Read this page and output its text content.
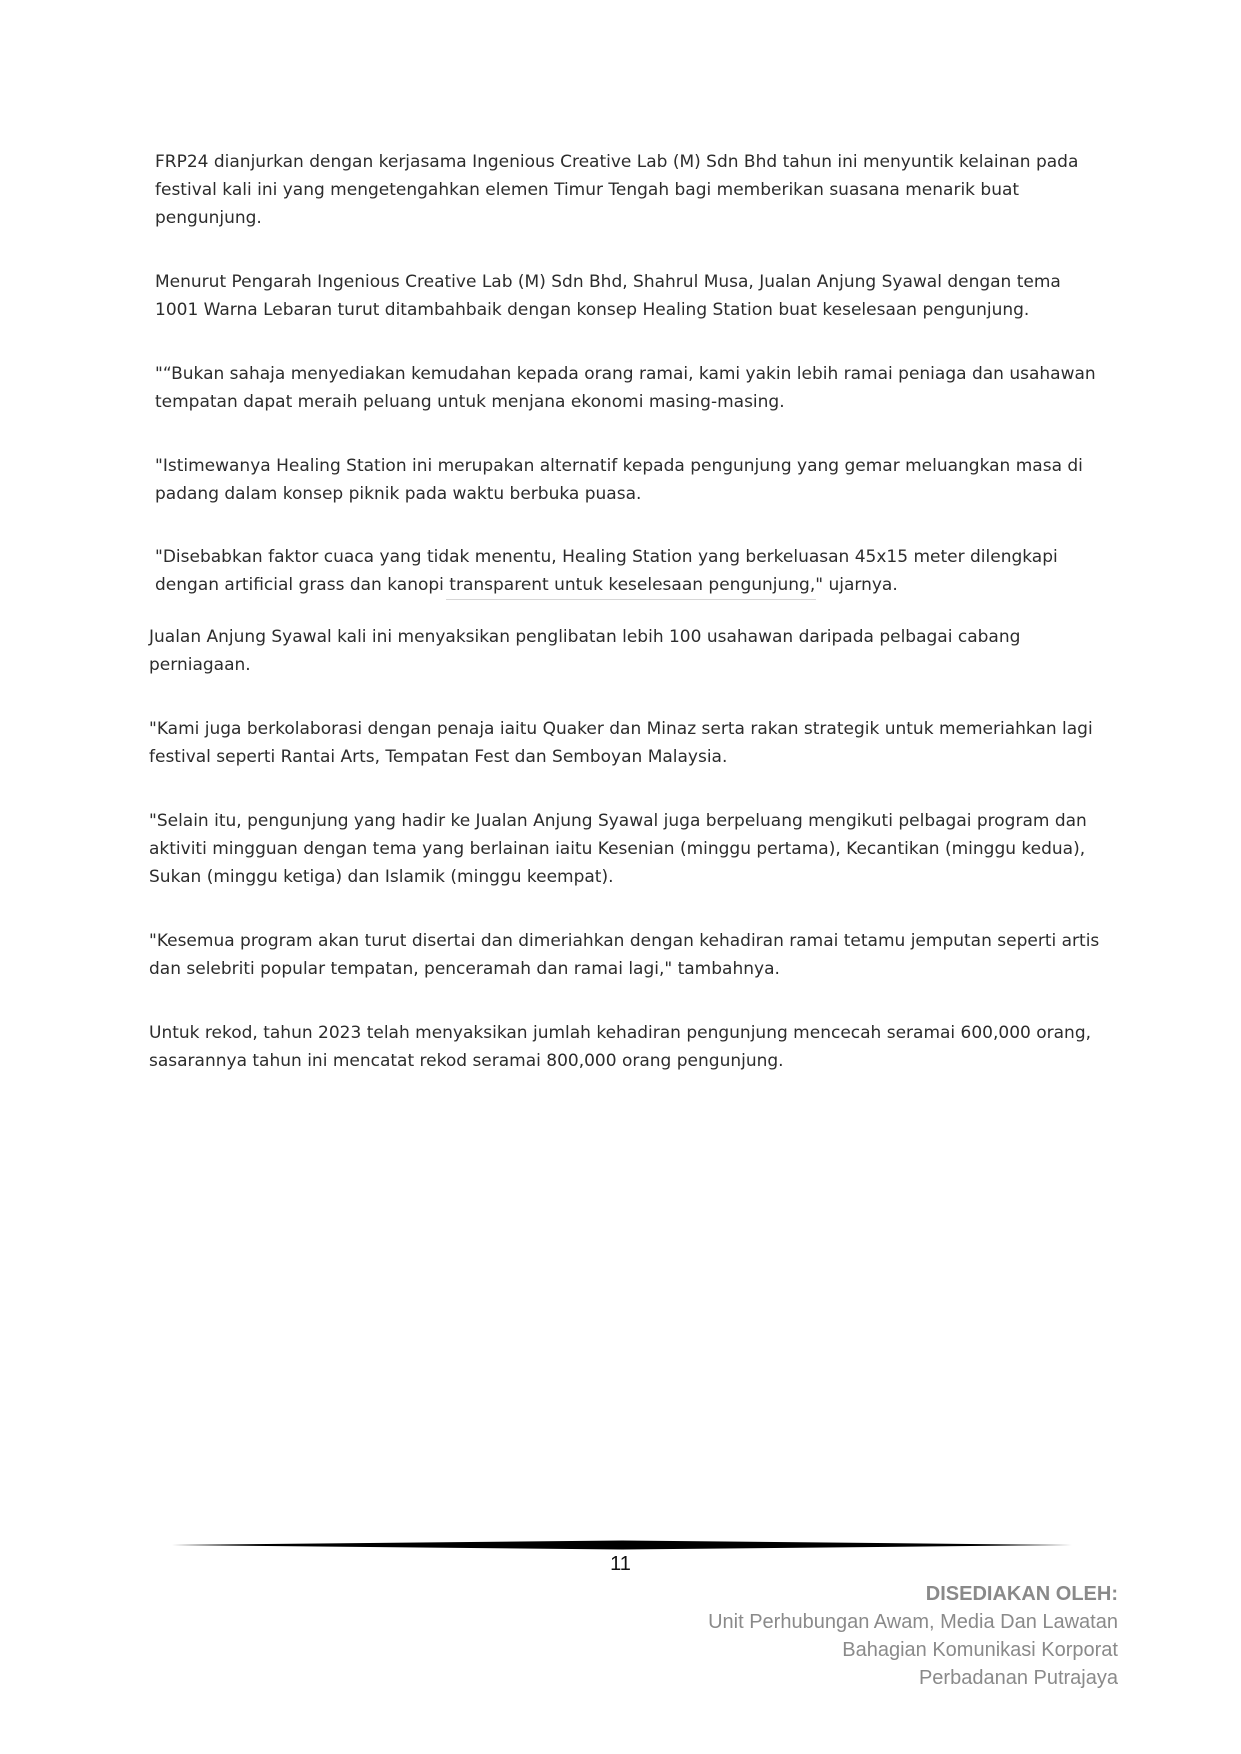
FRP24 dianjurkan dengan kerjasama Ingenious Creative Lab (M) Sdn Bhd tahun ini menyuntik kelainan pada festival kali ini yang mengetengahkan elemen Timur Tengah bagi memberikan suasana menarik buat pengunjung.

Menurut Pengarah Ingenious Creative Lab (M) Sdn Bhd, Shahrul Musa, Jualan Anjung Syawal dengan tema 1001 Warna Lebaran turut ditambahbaik dengan konsep Healing Station buat keselesaan pengunjung.

"“Bukan sahaja menyediakan kemudahan kepada orang ramai, kami yakin lebih ramai peniaga dan usahawan tempatan dapat meraih peluang untuk menjana ekonomi masing-masing.

"Istimewanya Healing Station ini merupakan alternatif kepada pengunjung yang gemar meluangkan masa di padang dalam konsep piknik pada waktu berbuka puasa.

"Disebabkan faktor cuaca yang tidak menentu, Healing Station yang berkeluasan 45x15 meter dilengkapi dengan artificial grass dan kanopi transparent untuk keselesaan pengunjung," ujarnya.

Jualan Anjung Syawal kali ini menyaksikan penglibatan lebih 100 usahawan daripada pelbagai cabang perniagaan.

"Kami juga berkolaborasi dengan penaja iaitu Quaker dan Minaz serta rakan strategik untuk memeriahkan lagi festival seperti Rantai Arts, Tempatan Fest dan Semboyan Malaysia.

"Selain itu, pengunjung yang hadir ke Jualan Anjung Syawal juga berpeluang mengikuti pelbagai program dan aktiviti mingguan dengan tema yang berlainan iaitu Kesenian (minggu pertama), Kecantikan (minggu kedua), Sukan (minggu ketiga) dan Islamik (minggu keempat).

"Kesemua program akan turut disertai dan dimeriahkan dengan kehadiran ramai tetamu jemputan seperti artis dan selebriti popular tempatan, penceramah dan ramai lagi," tambahnya.

Untuk rekod, tahun 2023 telah menyaksikan jumlah kehadiran pengunjung mencecah seramai 600,000 orang, sasarannya tahun ini mencatat rekod seramai 800,000 orang pengunjung.

11
DISEDIAKAN OLEH:
Unit Perhubungan Awam, Media Dan Lawatan
Bahagian Komunikasi Korporat
Perbadanan Putrajaya
